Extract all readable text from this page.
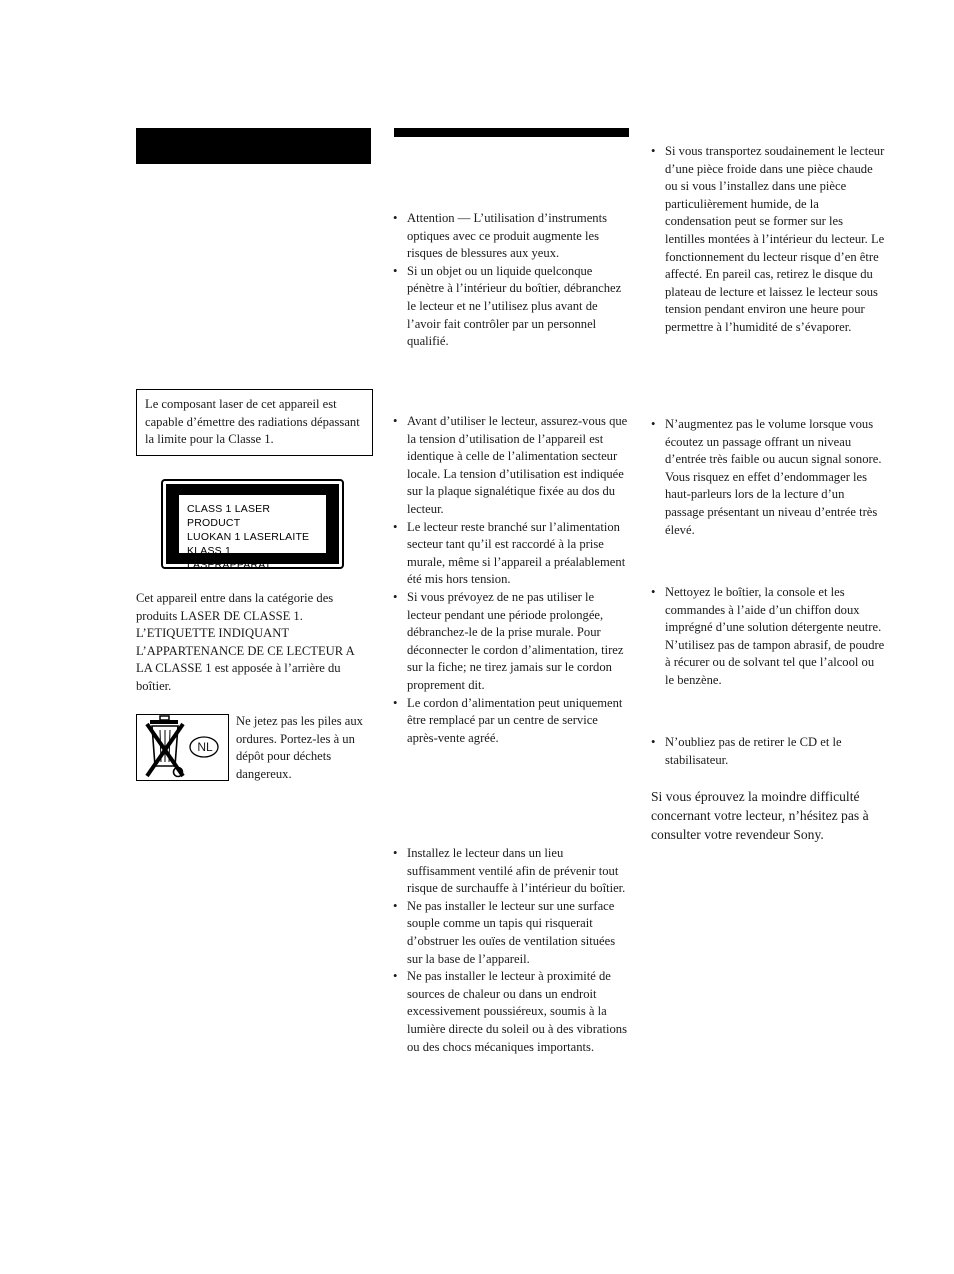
Le composant laser de cet appareil est capable d’émettre des radiations dépassant la limite pour la Classe 1.
CLASS 1 LASER PRODUCT
LUOKAN 1 LASERLAITE
KLASS 1 LASERAPPARAT
Cet appareil entre dans la catégorie des produits LASER DE CLASSE 1. L’ETIQUETTE INDIQUANT L’APPARTENANCE DE CE LECTEUR A LA CLASSE 1 est apposée à l’arrière du boîtier.
NL
Ne jetez pas les piles aux ordures. Portez-les à un dépôt pour déchets dangereux.
• Attention — L’utilisation d’instruments optiques avec ce produit augmente les risques de blessures aux yeux.
• Si un objet ou un liquide quelconque pénètre à l’intérieur du boîtier, débranchez le lecteur et ne l’utilisez plus avant de l’avoir fait contrôler par un personnel qualifié.
• Avant d’utiliser le lecteur, assurez-vous que la tension d’utilisation de l’appareil est identique à celle de l’alimentation secteur locale. La tension d’utilisation est indiquée sur la plaque signalétique fixée au dos du lecteur.
• Le lecteur reste branché sur l’alimentation secteur tant qu’il est raccordé à la prise murale, même si l’appareil a préalablement été mis hors tension.
• Si vous prévoyez de ne pas utiliser le lecteur pendant une période prolongée, débranchez-le de la prise murale. Pour déconnecter le cordon d’alimentation, tirez sur la fiche; ne tirez jamais sur le cordon proprement dit.
• Le cordon d’alimentation peut uniquement être remplacé par un centre de service après-vente agréé.
• Installez le lecteur dans un lieu suffisamment ventilé afin de prévenir tout risque de surchauffe à l’intérieur du boîtier.
• Ne pas installer le lecteur sur une surface souple comme un tapis qui risquerait d’obstruer les ouïes de ventilation situées sur la base de l’appareil.
• Ne pas installer le lecteur à proximité de sources de chaleur ou dans un endroit excessivement poussiéreux, soumis à la lumière directe du soleil ou à des vibrations ou des chocs mécaniques importants.
• Si vous transportez soudainement le lecteur d’une pièce froide dans une pièce chaude ou si vous l’installez dans une pièce particulièrement humide, de la condensation peut se former sur les lentilles montées à l’intérieur du lecteur. Le fonctionnement du lecteur risque d’en être affecté. En pareil cas, retirez le disque du plateau de lecture et laissez le lecteur sous tension pendant environ une heure pour permettre à l’humidité de s’évaporer.
• N’augmentez pas le volume lorsque vous écoutez un passage offrant un niveau d’entrée très faible ou aucun signal sonore. Vous risquez en effet d’endommager les haut-parleurs lors de la lecture d’un passage présentant un niveau d’entrée très élevé.
• Nettoyez le boîtier, la console et les commandes à l’aide d’un chiffon doux imprégné d’une solution détergente neutre. N’utilisez pas de tampon abrasif, de poudre à récurer ou de solvant tel que l’alcool ou le benzène.
• N’oubliez pas de retirer le CD et le stabilisateur.
Si vous éprouvez la moindre difficulté concernant votre lecteur, n’hésitez pas à consulter votre revendeur Sony.
